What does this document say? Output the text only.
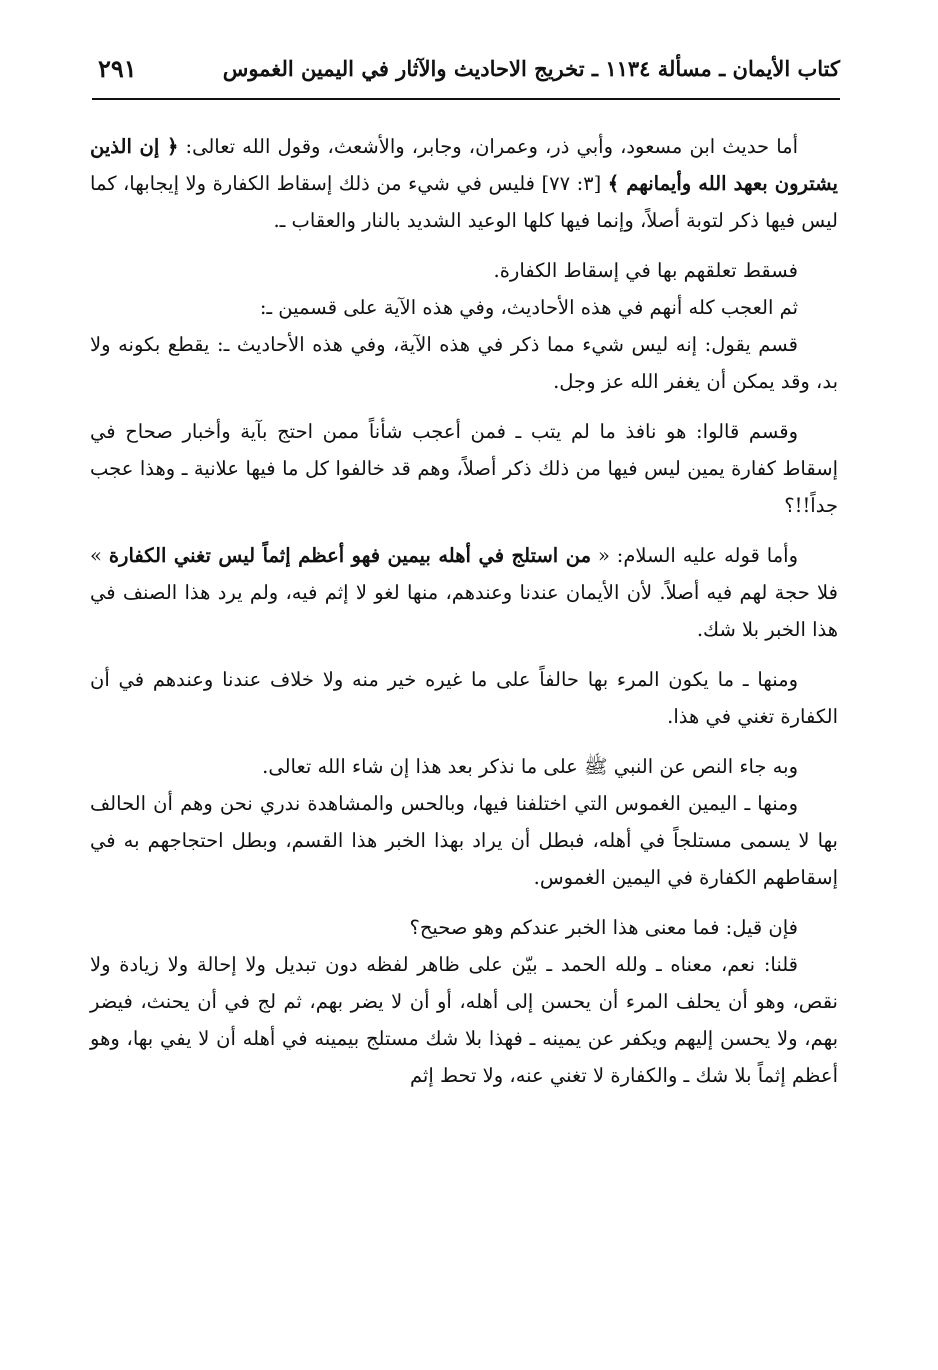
كتاب الأيمان ـ مسألة ١١٣٤ ـ تخريج الاحاديث والآثار في اليمين الغموس
٢٩١

أما حديث ابن مسعود، وأبي ذر، وعمران، وجابر، والأشعث، وقول الله تعالى: ﴿ إن الذين يشترون بعهد الله وأيمانهم ﴾ [٣: ٧٧] فليس في شيء من ذلك إسقاط الكفارة ولا إيجابها، كما ليس فيها ذكر لتوبة أصلاً، وإنما فيها كلها الوعيد الشديد بالنار والعقاب ـ.

فسقط تعلقهم بها في إسقاط الكفارة.

ثم العجب كله أنهم في هذه الأحاديث، وفي هذه الآية على قسمين ـ:

قسم يقول: إنه ليس شيء مما ذكر في هذه الآية، وفي هذه الأحاديث ـ: يقطع بكونه ولا بد، وقد يمكن أن يغفر الله عز وجل.

وقسم قالوا: هو نافذ ما لم يتب ـ فمن أعجب شأناً ممن احتج بآية وأخبار صحاح في إسقاط كفارة يمين ليس فيها من ذلك ذكر أصلاً، وهم قد خالفوا كل ما فيها علانية ـ وهذا عجب جداً!!؟

وأما قوله عليه السلام: « من استلج في أهله بيمين فهو أعظم إثماً ليس تغني الكفارة » فلا حجة لهم فيه أصلاً. لأن الأيمان عندنا وعندهم، منها لغو لا إثم فيه، ولم يرد هذا الصنف في هذا الخبر بلا شك.

ومنها ـ ما يكون المرء بها حالفاً على ما غيره خير منه ولا خلاف عندنا وعندهم في أن الكفارة تغني في هذا.

وبه جاء النص عن النبي ﷺ على ما نذكر بعد هذا إن شاء الله تعالى.

ومنها ـ اليمين الغموس التي اختلفنا فيها، وبالحس والمشاهدة ندري نحن وهم أن الحالف بها لا يسمى مستلجاً في أهله، فبطل أن يراد بهذا الخبر هذا القسم، وبطل احتجاجهم به في إسقاطهم الكفارة في اليمين الغموس.

فإن قيل: فما معنى هذا الخبر عندكم وهو صحيح؟

قلنا: نعم، معناه ـ ولله الحمد ـ بيّن على ظاهر لفظه دون تبديل ولا إحالة ولا زيادة ولا نقص، وهو أن يحلف المرء أن يحسن إلى أهله، أو أن لا يضر بهم، ثم لج في أن يحنث، فيضر بهم، ولا يحسن إليهم ويكفر عن يمينه ـ فهذا بلا شك مستلج بيمينه في أهله أن لا يفي بها، وهو أعظم إثماً بلا شك ـ والكفارة لا تغني عنه، ولا تحط إثم
